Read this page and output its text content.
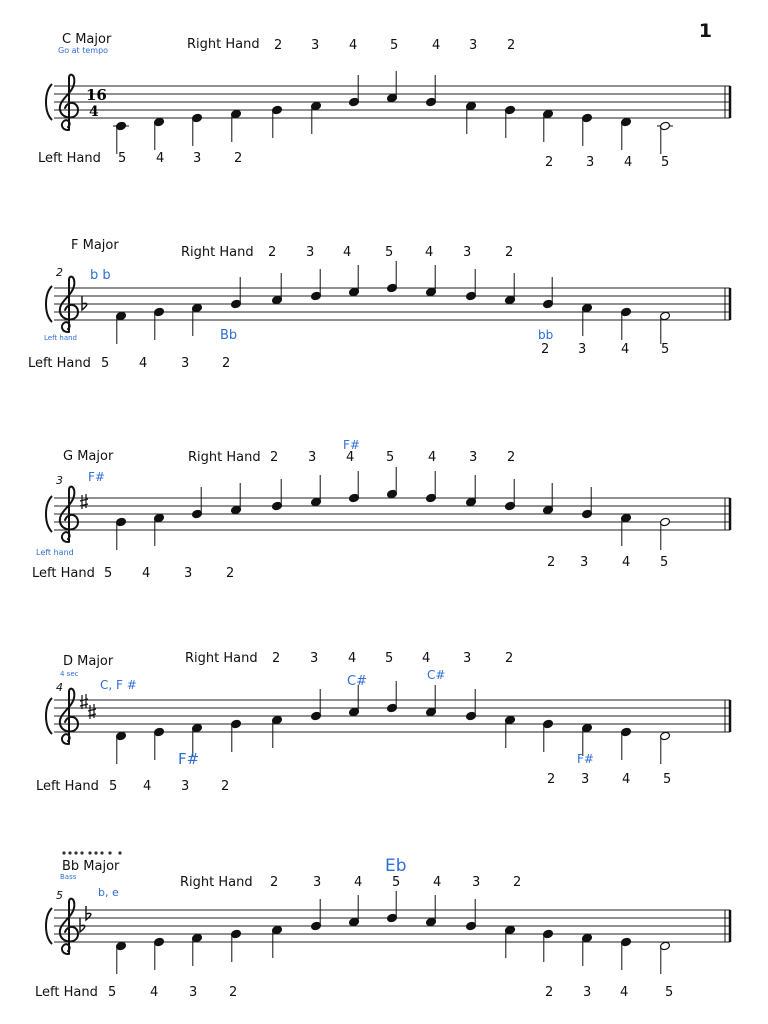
1
16
4
C Major	Right Hand 2 3 4	5	4 3 2
Left Hand 5 4 3	2	2	3 4 5
F Major	Right Hand 2 3 4	5 4 3	2
Left Hand 5 4	3	2
2 3	4 5
2
G Major	Right Hand 2 3 4 5	4	3 2
Left Hand 5 4	3	2
2 3	4 5
3
D Major	Right Hand 2 3 4 5 4	3	2
Left Hand 5 4 3 2	2 3	4	5
4
Bb Major
Right Hand 2	3	4 5	4 3	2
Left Hand 5	4 3 2	2 3 4	5
5
Go at tempo
b b
Bb	bb
Left hand
F#
F#
Left hand
C, F #	C#	C#
F#	F#
4 sec
b, e
Eb
Bass
